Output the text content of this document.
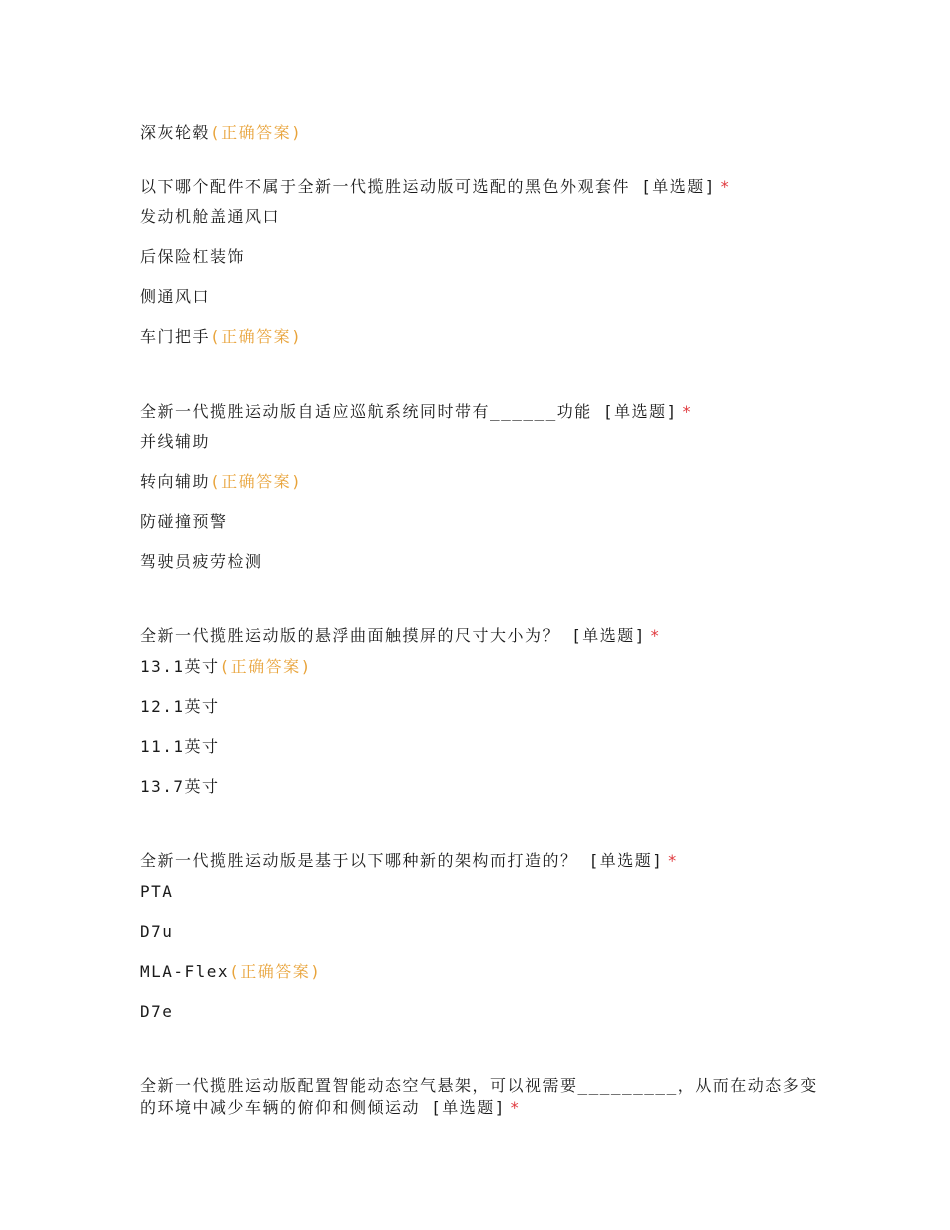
深灰轮毂(正确答案)
以下哪个配件不属于全新一代揽胜运动版可选配的黑色外观套件 [单选题] *
发动机舱盖通风口
后保险杠装饰
侧通风口
车门把手(正确答案)
全新一代揽胜运动版自适应巡航系统同时带有______功能 [单选题] *
并线辅助
转向辅助(正确答案)
防碰撞预警
驾驶员疲劳检测
全新一代揽胜运动版的悬浮曲面触摸屏的尺寸大小为？ [单选题] *
13.1英寸(正确答案)
12.1英寸
11.1英寸
13.7英寸
全新一代揽胜运动版是基于以下哪种新的架构而打造的？ [单选题] *
PTA
D7u
MLA-Flex(正确答案)
D7e
全新一代揽胜运动版配置智能动态空气悬架，可以视需要_________，从而在动态多变的环境中减少车辆的俯仰和侧倾运动 [单选题] *
